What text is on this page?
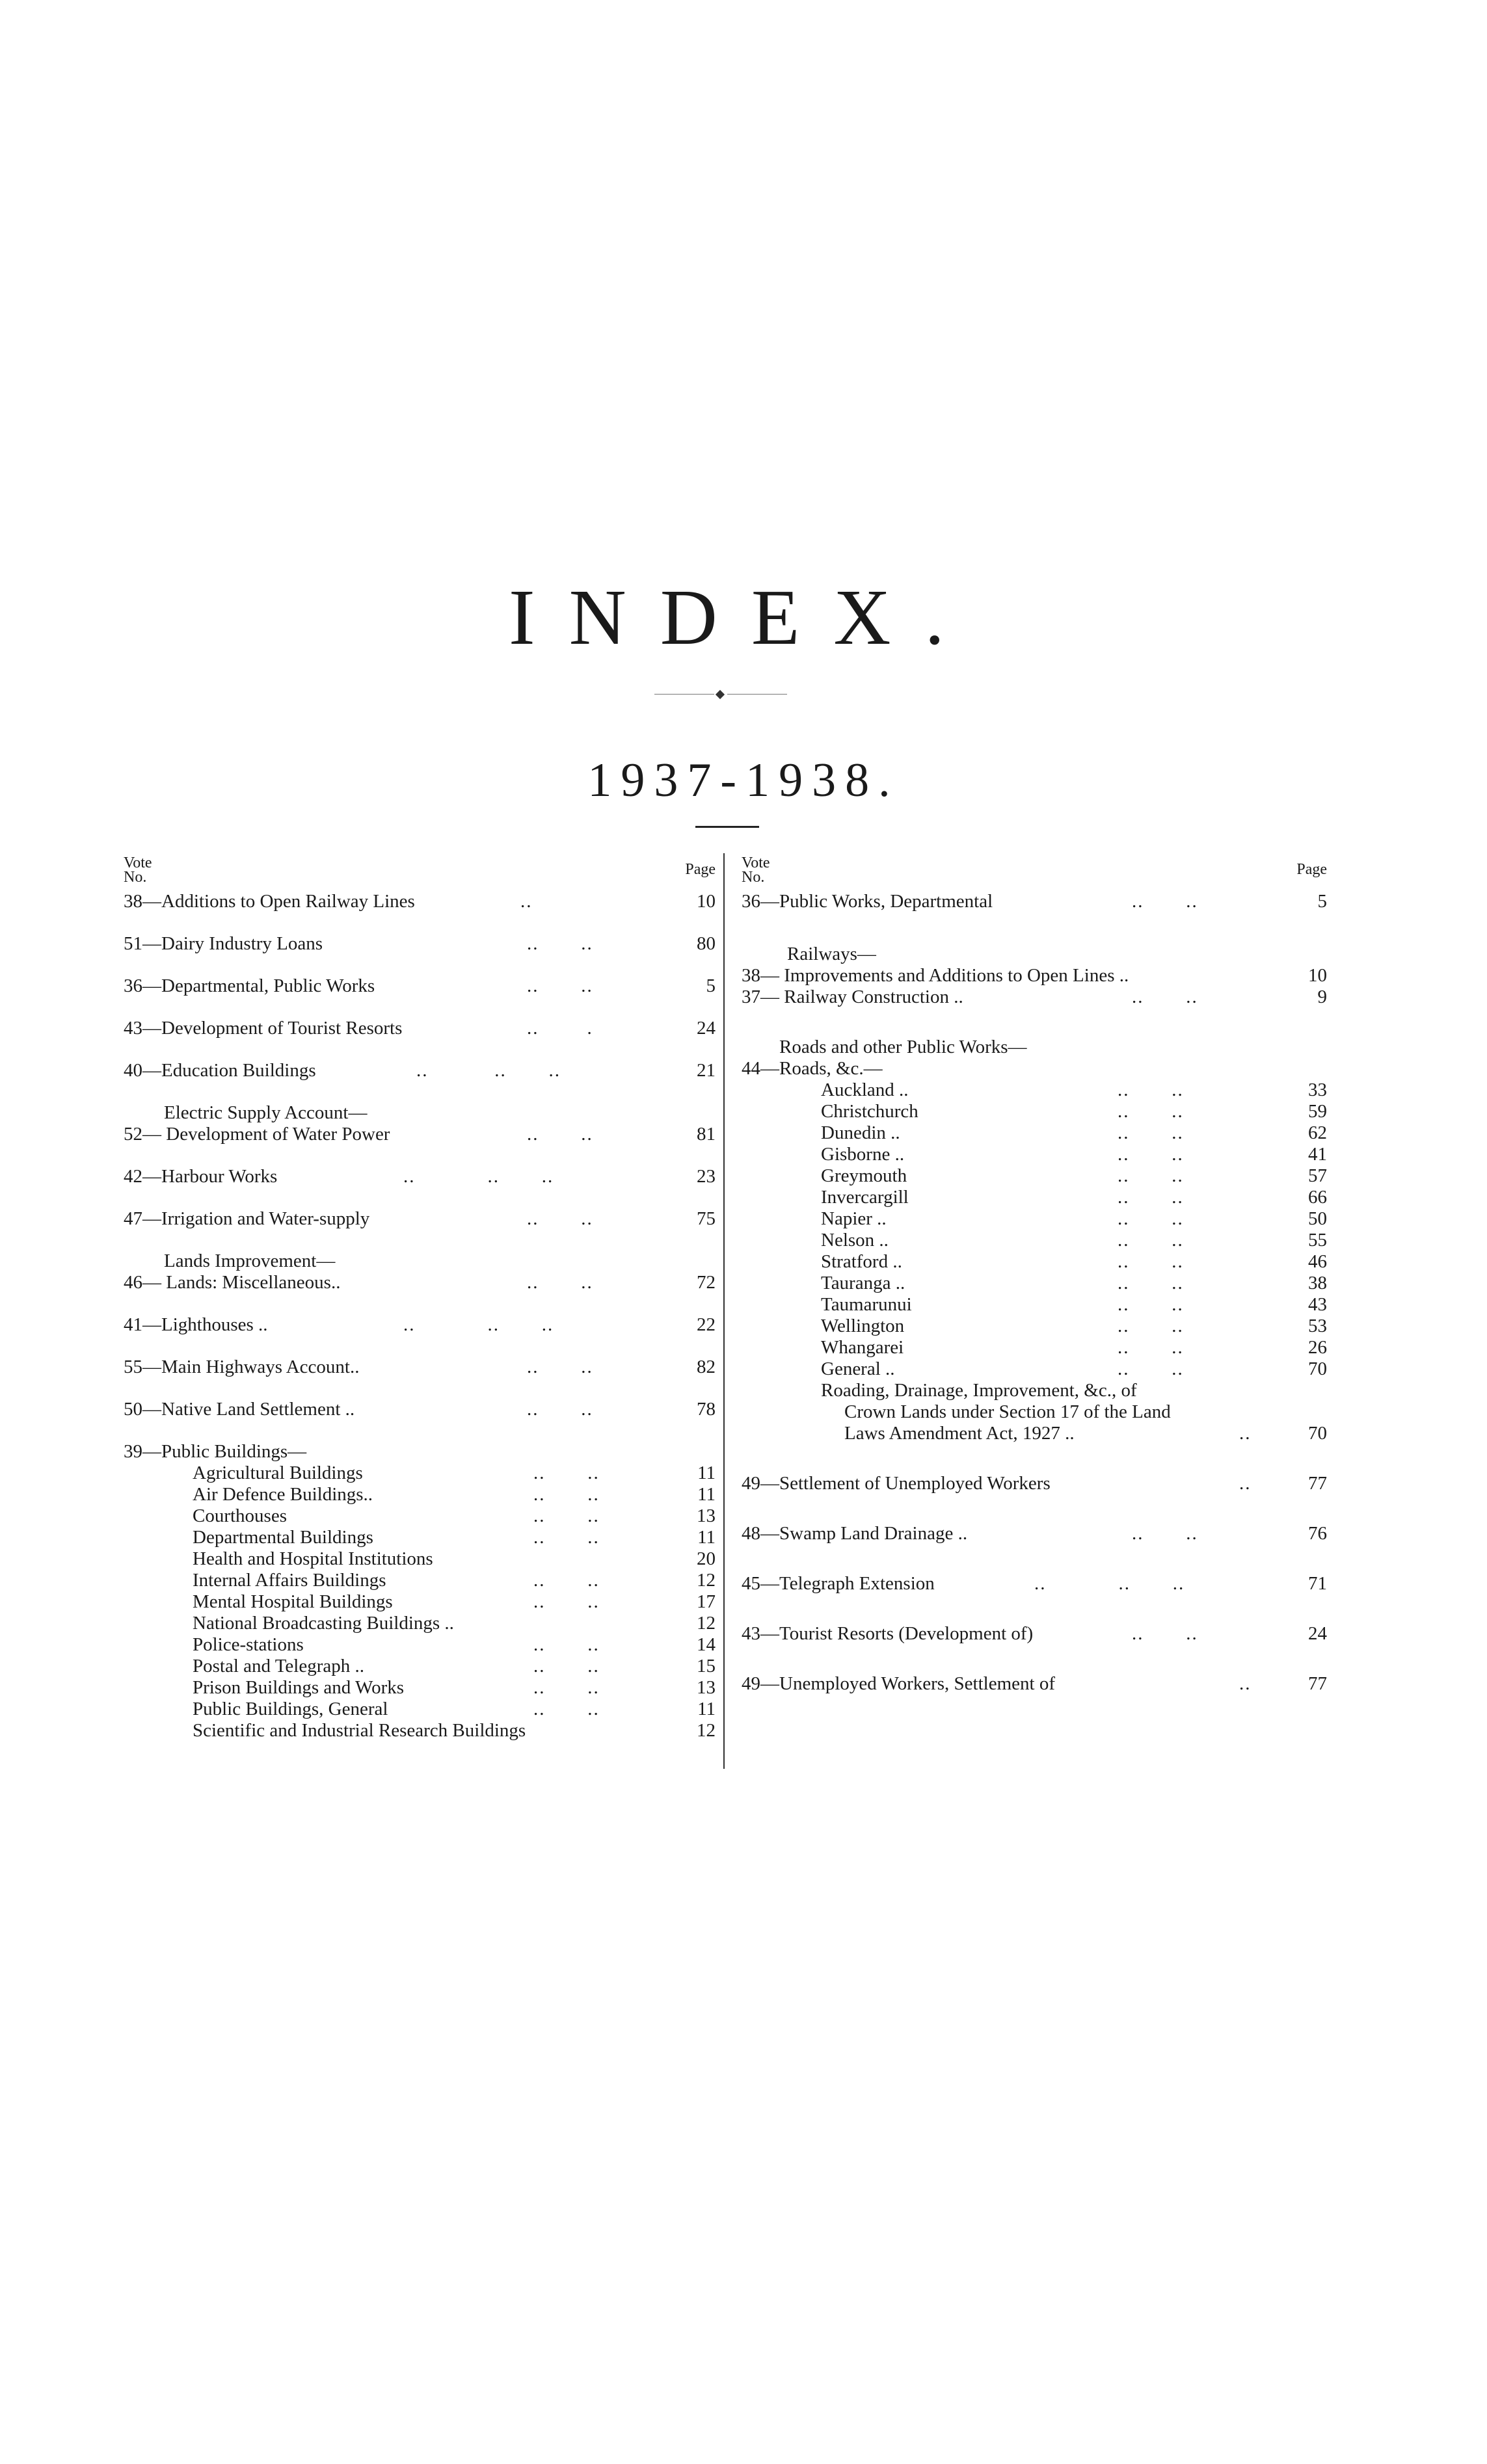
INDEX.
1937-1938.
Vote
No.	Page
38—Additions to Open Railway Lines	..	10
51—Dairy Industry Loans	..       ..	80
36—Departmental, Public Works	..       ..	5
43—Development of Tourist Resorts	..        .	24
40—Education Buildings	..           ..       ..	21
Electric Supply Account—
52— Development of Water Power	..       ..	81
42—Harbour Works	..            ..       ..	23
47—Irrigation and Water-supply	..       ..	75
Lands Improvement—
46— Lands: Miscellaneous..	..       ..	72
41—Lighthouses ..	..            ..       ..	22
55—Main Highways Account..	..       ..	82
50—Native Land Settlement ..	..       ..	78
39—Public Buildings—
Agricultural Buildings	..       ..	11
Air Defence Buildings..	..       ..	11
Courthouses	..       ..	13
Departmental Buildings	..       ..	11
Health and Hospital Institutions	20
Internal Affairs Buildings	..       ..	12
Mental Hospital Buildings	..       ..	17
National Broadcasting Buildings ..	12
Police-stations	..       ..	14
Postal and Telegraph ..	..       ..	15
Prison Buildings and Works	..       ..	13
Public Buildings, General	..       ..	11
Scientific and Industrial Research Buildings	12
Vote
No.	Page
36—Public Works, Departmental	..       ..	5
Railways—
38— Improvements and Additions to Open Lines ..	10
37— Railway Construction ..	..       ..	9
Roads and other Public Works—
44—Roads, &c.—
Auckland ..	..       ..	33
Christchurch	..       ..	59
Dunedin ..	..       ..	62
Gisborne ..	..       ..	41
Greymouth	..       ..	57
Invercargill	..       ..	66
Napier ..	..       ..	50
Nelson ..	..       ..	55
Stratford ..	..       ..	46
Tauranga ..	..       ..	38
Taumarunui	..       ..	43
Wellington	..       ..	53
Whangarei	..       ..	26
General ..	..       ..	70
Roading, Drainage, Improvement, &c., of
Crown Lands under Section 17 of the Land
Laws Amendment Act, 1927 ..	..	70
49—Settlement of Unemployed Workers	..	77
48—Swamp Land Drainage ..	..       ..	76
45—Telegraph Extension	..            ..       ..	71
43—Tourist Resorts (Development of)	..       ..	24
49—Unemployed Workers, Settlement of	..	77
